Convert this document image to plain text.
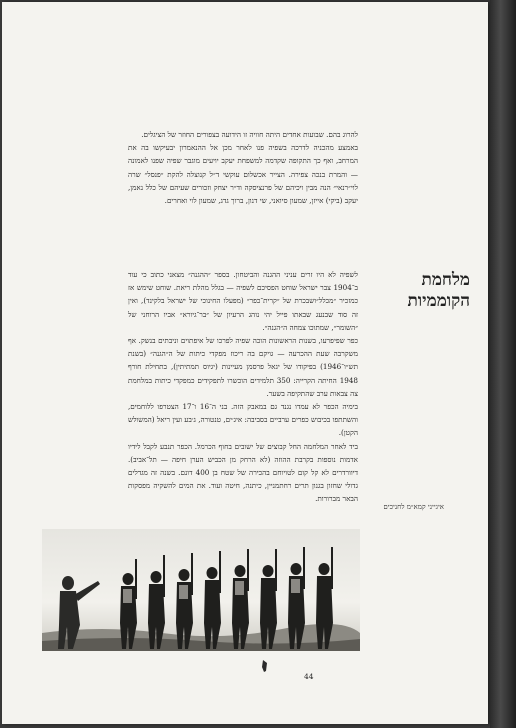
להרוג בהם. שבועות אחדים היתה חוויה זו הידועה בצפורים החוזר של הציגלים.

באמצע מהכניה לדרכה בשפיה פנו לאחר מכן אל ההנאמרון יבעיקשו בה את המרחב, ואף כך התקופה שקדמה למשפחת יעקב יויעים מוגבר שפיה שפנו לאמונה — והמרת בנכה צפירה. הצייר אכשלום עוקשי ד״ל קנוצלה להקת ״פנסל״ שרה לוי״רנאי״ הנה מבין ויכיהם של פרנציסקה וד״ר יצחק וזכורים שעיהם של כלל נאמן, יעקב (ביקי) אייזן, שמעון סיואני, שי דנון, ברוך גדג, שמעון לוי ואחרים.

מלחמת
הקוממיות

לשפיה לא היו זרים עניני ההגנה והביטחון. בספר ״ההגנה״ מצאני כתוב כי עוד ב־1904 צבר ישראל שוחט הפסיכם לשפיה — בגלל מהלת ריאת. שוחט שימש אז כמזכיר ״מכלל״ושבכרת של ״קרית־כפר״ (מפעלו החינוכי של ישראל בלקינד), ואין זה סוד שבנעג שבאתו פייל יהי נוהג הרעיון של ״בר־גיורא״ אביו הרוחני של ״השומר״, שמתוכו צמחה ה״הגנה״.

כפר שפיפרעו, בשנות הראשונות הוכה שפיה לפרכו של איפתוים וניבתים בנשק. אף משקרבה שעת ההכרעה — גויקם בה ריכוז מפקדי כיתות של ה״הגנה״ (בשנת תש״ו־1946) בפיקודו של יגאל פרסמן מעיינות (יגיוס תמתיתין), בתחילת חורף 1948 החיתה הקרייה: 350 תלמידים הוכשרו לתפקידים כמפקדי כיתות במלחמת צה צבאות ערב שהתקיפה בשער.

בימיה הכפר לא עמדו נגנד גם במאבק הזה. בני ה־16 ו־17 הצטרפו ללוחמים, והשתתפו בכיבוש כפרים ערביים בסביבה: איג׳ים, טנטורה, ג׳בע ועין ריאל (המשולש הקטן).

ביד לאחר המלחמה החל קבוצים של ישובים בחוף הכרמל. הכפר תנבע לקבל לידיו אדמות נוספות בקרבת ההוזה (לא הרחק מן הכביש הערן חיפה — תל־אביב). דיוורדרים לא קל קום לטויוחם בהכירה של שטח בן 400 דונם. בשנה זה מגדלים גדולי שחזון בגנון תרים רחתמניין, כיתנה, חיטה ועוד. את המים להשקיה מפסקות הבאר מברורות.

איגייני קמא״מ לחניכים
44
